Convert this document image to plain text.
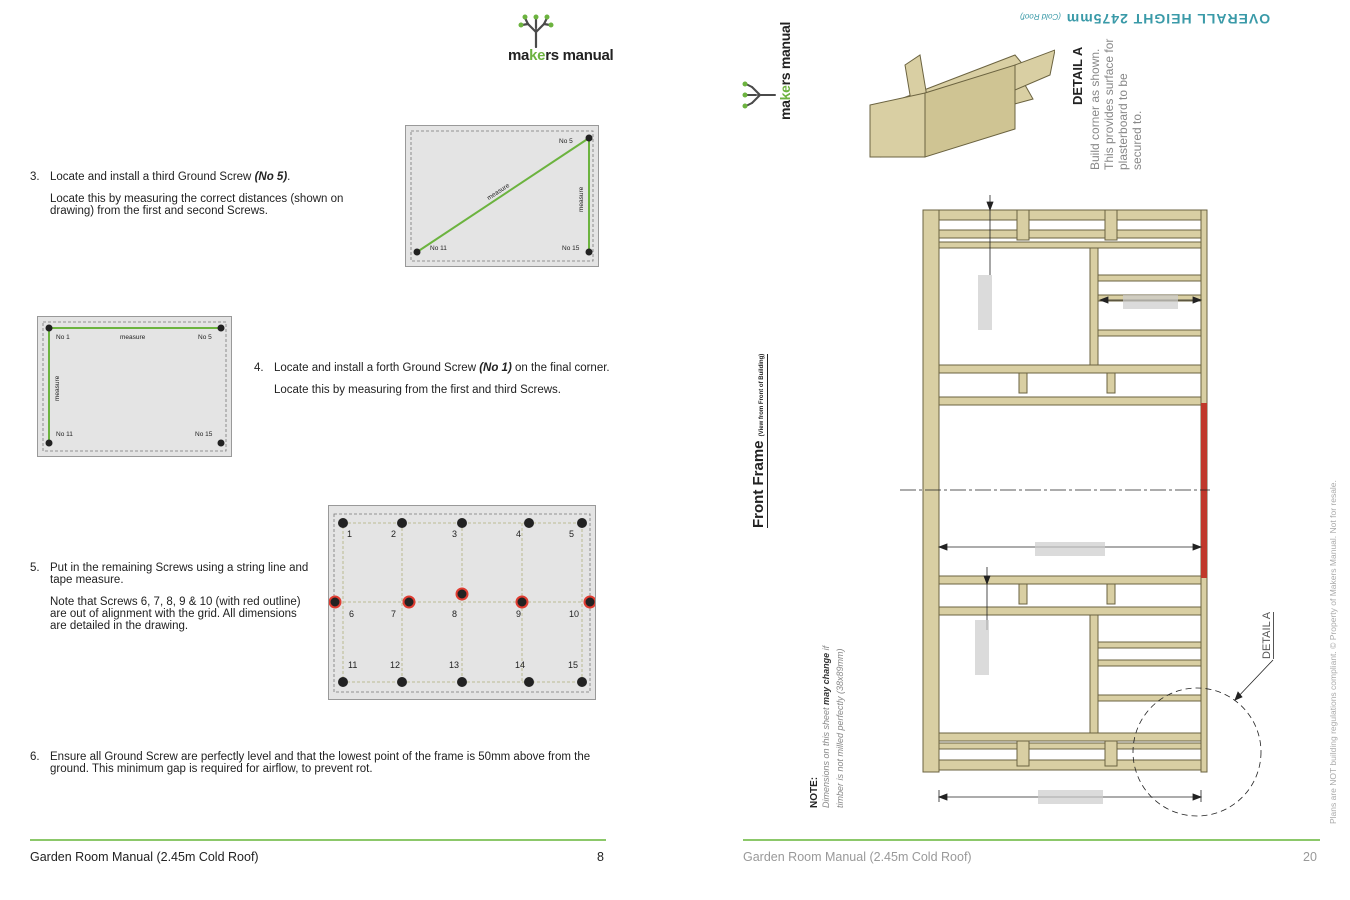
makers manual
3. Locate and install a third Ground Screw (No 5).

Locate this by measuring the correct distances (shown on drawing) from the first and second Screws.

No 5
No 11	No 15
measure	measure
No 1	No 5
measure
No 11	No 15
measure
4. Locate and install a forth Ground Screw (No 1) on the final corner.

Locate this by measuring from the first and third Screws.

5. Put in the remaining Screws using a string line and tape measure.

Note that Screws 6, 7, 8, 9 & 10 (with red outline) are out of alignment with the grid. All dimensions are detailed in the drawing.

1	2	3	4	5
6	7	8	9	10
11	12	13	14	15
6. Ensure all Ground Screw are perfectly level and that the lowest point of the frame is 50mm above from the ground. This minimum gap is required for airflow, to prevent rot.

Garden Room Manual (2.45m Cold Roof)	8
OVERALL HEIGHT 2475mm (Cold Roof)
makers manual	DETAIL A Build corner as shown. This provides surface for plasterboard to be secured to.
Front Frame (View from Front of Building)
NOTE: Dimensions on this sheet may change if timber is not milled perfectly (38x89mm)
DETAIL A	Plans are NOT building regulations compliant. © Property of Makers Manual. Not for resale.
Garden Room Manual (2.45m Cold Roof)	20
